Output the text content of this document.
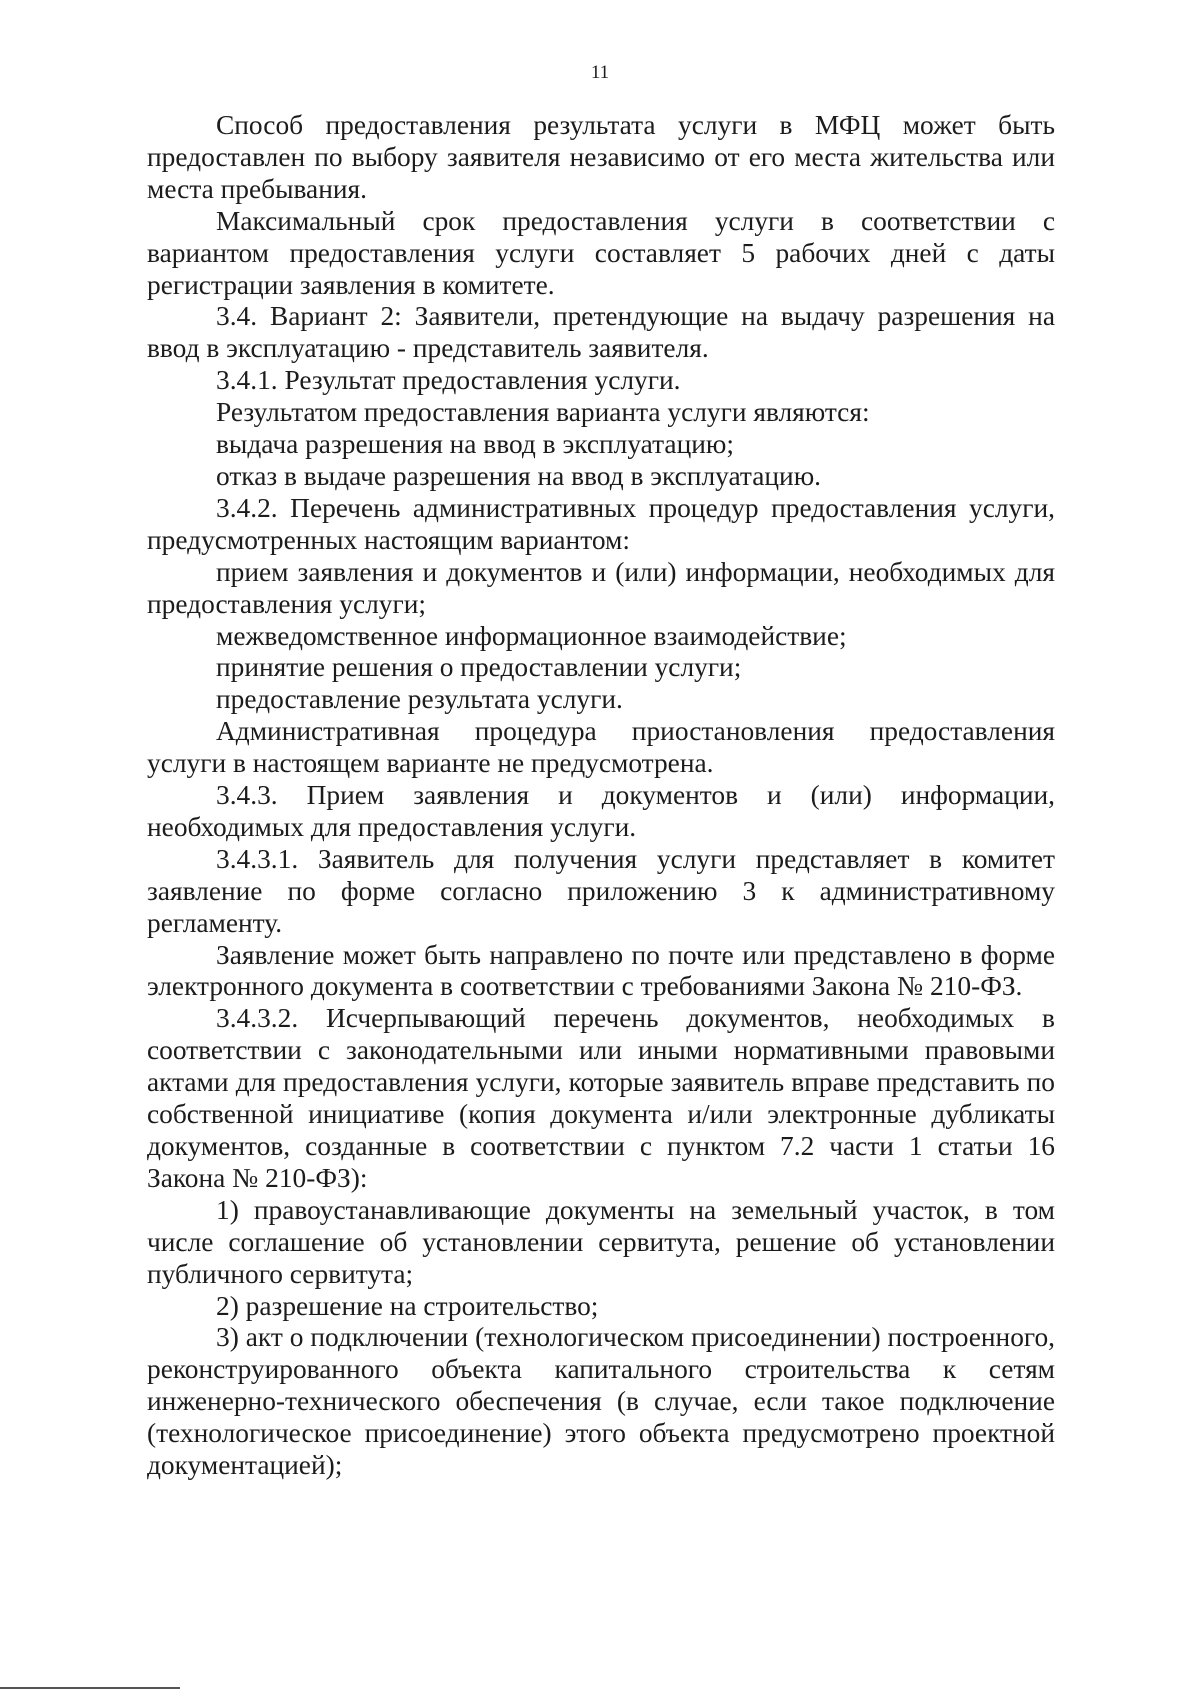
11

Способ предоставления результата услуги в МФЦ может быть предоставлен по выбору заявителя независимо от его места жительства или места пребывания.

Максимальный срок предоставления услуги в соответствии с вариантом предоставления услуги составляет 5 рабочих дней с даты регистрации заявления в комитете.

3.4. Вариант 2: Заявители, претендующие на выдачу разрешения на ввод в эксплуатацию - представитель заявителя.

3.4.1. Результат предоставления услуги.

Результатом предоставления варианта услуги являются:

выдача разрешения на ввод в эксплуатацию;

отказ в выдаче разрешения на ввод в эксплуатацию.

3.4.2. Перечень административных процедур предоставления услуги, предусмотренных настоящим вариантом:

прием заявления и документов и (или) информации, необходимых для предоставления услуги;

межведомственное информационное взаимодействие;

принятие решения о предоставлении услуги;

предоставление результата услуги.

Административная процедура приостановления предоставления услуги в настоящем варианте не предусмотрена.

3.4.3. Прием заявления и документов и (или) информации, необходимых для предоставления услуги.

3.4.3.1. Заявитель для получения услуги представляет в комитет заявление по форме согласно приложению 3 к административному регламенту.

Заявление может быть направлено по почте или представлено в форме электронного документа в соответствии с требованиями Закона № 210-ФЗ.

3.4.3.2. Исчерпывающий перечень документов, необходимых в соответствии с законодательными или иными нормативными правовыми актами для предоставления услуги, которые заявитель вправе представить по собственной инициативе (копия документа и/или электронные дубликаты документов, созданные в соответствии с пунктом 7.2 части 1 статьи 16 Закона № 210-ФЗ):

1) правоустанавливающие документы на земельный участок, в том числе соглашение об установлении сервитута, решение об установлении публичного сервитута;

2) разрешение на строительство;

3) акт о подключении (технологическом присоединении) построенного, реконструированного объекта капитального строительства к сетям инженерно-технического обеспечения (в случае, если такое подключение (технологическое присоединение) этого объекта предусмотрено проектной документацией);
